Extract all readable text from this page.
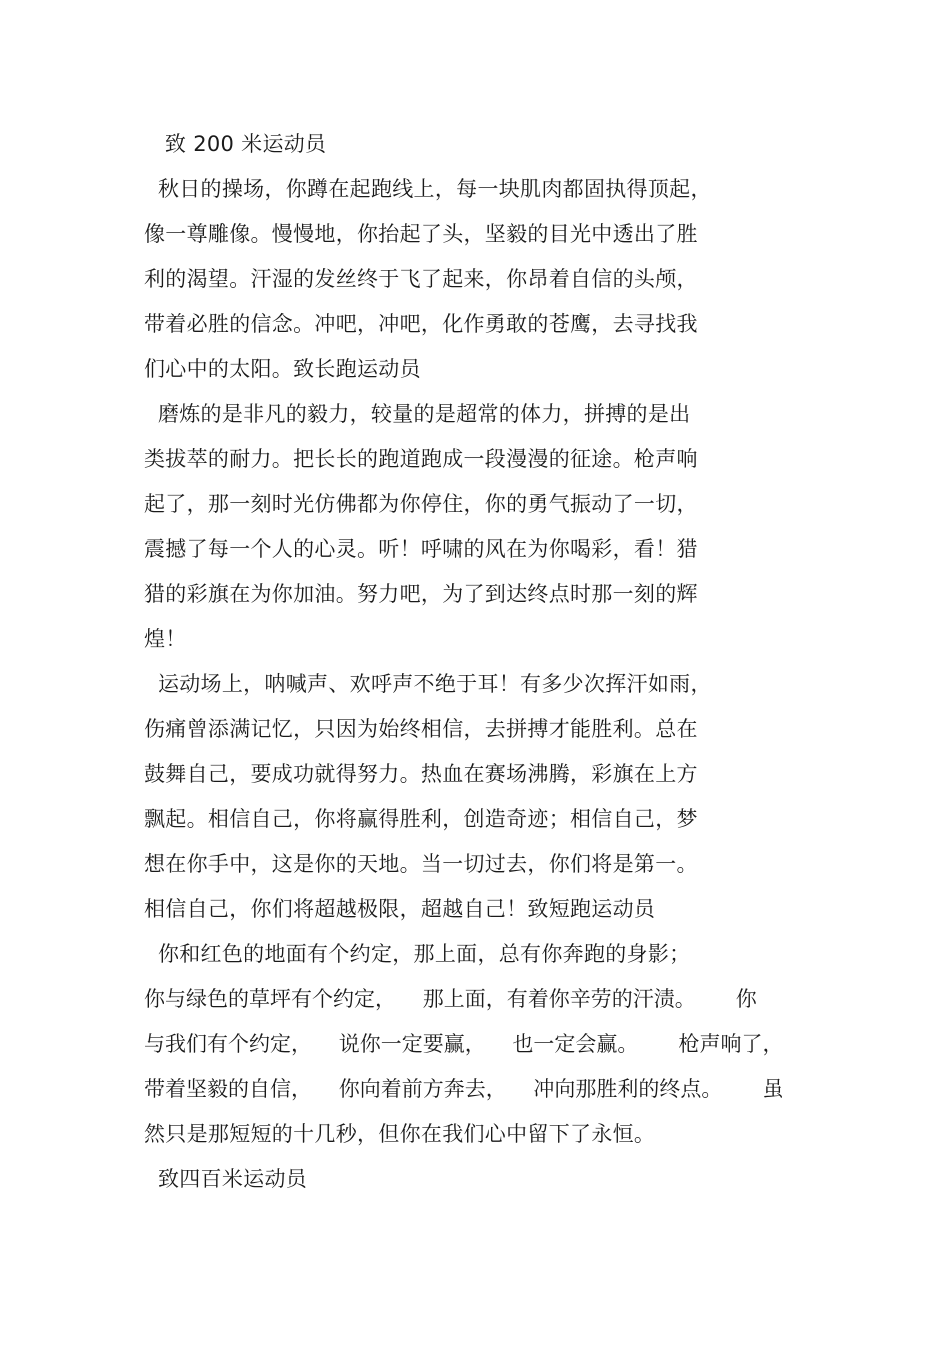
致 200 米运动员
秋日的操场，你蹲在起跑线上，每一块肌肉都固执得顶起，
像一尊雕像。慢慢地，你抬起了头，坚毅的目光中透出了胜
利的渴望。汗湿的发丝终于飞了起来，你昂着自信的头颅，
带着必胜的信念。冲吧，冲吧，化作勇敢的苍鹰，去寻找我
们心中的太阳。致长跑运动员
磨炼的是非凡的毅力，较量的是超常的体力，拼搏的是出
类拔萃的耐力。把长长的跑道跑成一段漫漫的征途。枪声响
起了，那一刻时光仿佛都为你停住，你的勇气振动了一切，
震撼了每一个人的心灵。听！呼啸的风在为你喝彩，看！猎
猎的彩旗在为你加油。努力吧，为了到达终点时那一刻的辉
煌！
运动场上，呐喊声、欢呼声不绝于耳！有多少次挥汗如雨，
伤痛曾添满记忆，只因为始终相信，去拼搏才能胜利。总在
鼓舞自己，要成功就得努力。热血在赛场沸腾，彩旗在上方
飘起。相信自己，你将赢得胜利，创造奇迹；相信自己，梦
想在你手中，这是你的天地。当一切过去，你们将是第一。
相信自己，你们将超越极限，超越自己！致短跑运动员
你和红色的地面有个约定，那上面，总有你奔跑的身影；
你与绿色的草坪有个约定，    那上面，有着你辛劳的汗渍。      你
与我们有个约定，    说你一定要赢，    也一定会赢。      枪声响了，
带着坚毅的自信，    你向着前方奔去，    冲向那胜利的终点。      虽
然只是那短短的十几秒，但你在我们心中留下了永恒。
致四百米运动员
